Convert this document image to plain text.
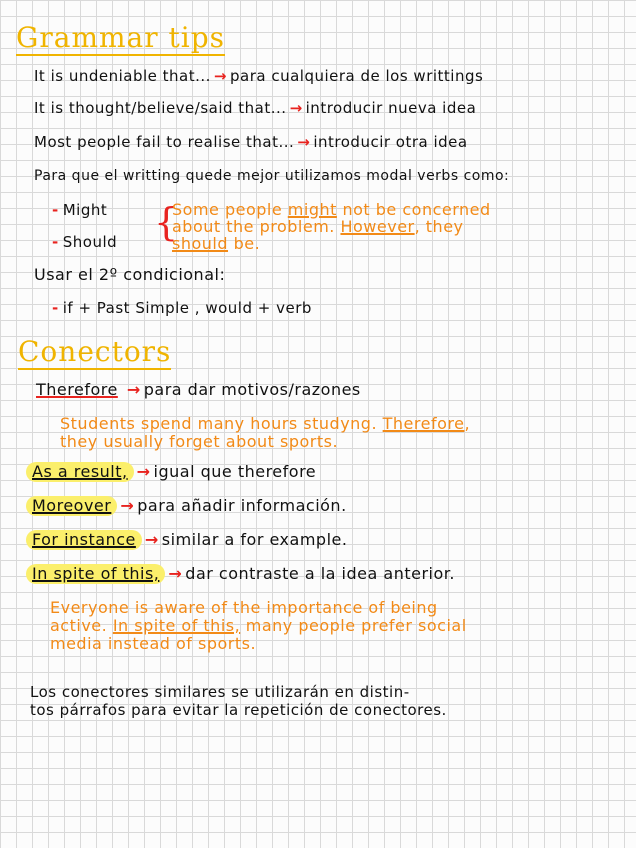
Grammar tips
It is undeniable that... → para cualquiera de los writtings
It is thought/believe/said that... → introducir nueva idea
Most people fail to realise that... → introducir otra idea
Para que el writting quede mejor utilizamos modal verbs como:
- Might
- Should {
Some people might not be concerned
about the problem. However, they
should be.
Usar el 2º condicional:
- if + Past Simple , would + verb
Conectors
Therefore → para dar motivos/razones
Students spend many hours studyng. Therefore,
they usually forget about sports.
As a result, → igual que therefore
Moreover → para añadir información.
For instance → similar a for example.
In spite of this, → dar contraste a la idea anterior.
Everyone is aware of the importance of being
active. In spite of this, many people prefer social
media instead of sports.
Los conectores similares se utilizarán en distin-
tos párrafos para evitar la repetición de conectores.
